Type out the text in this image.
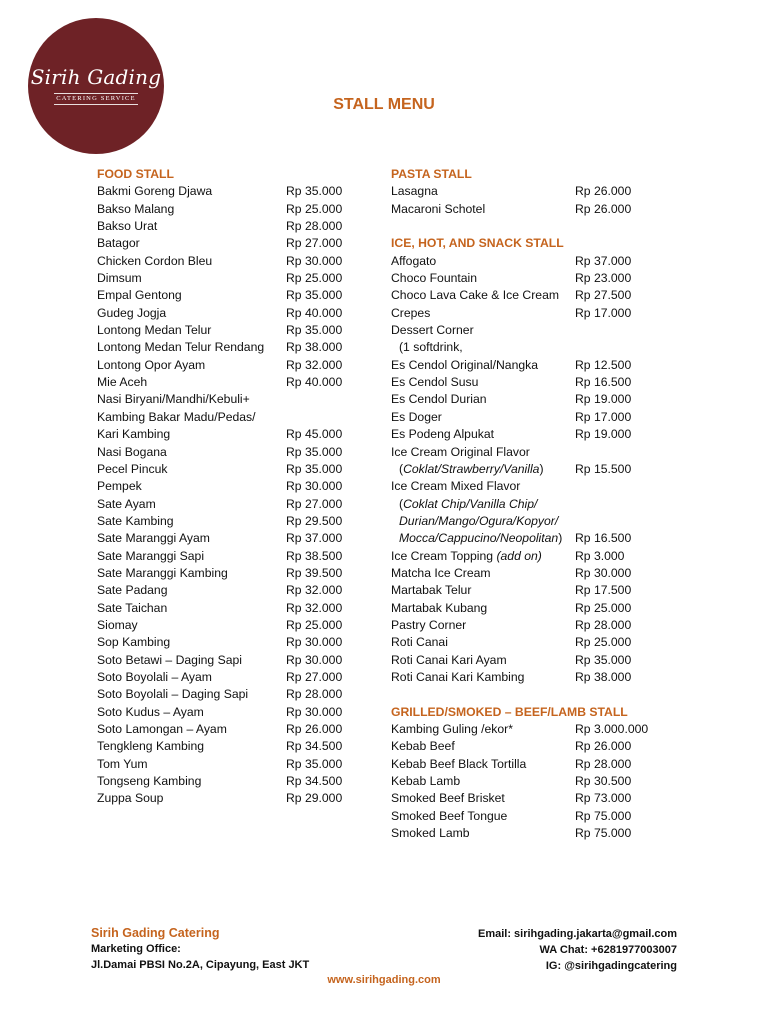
Sirih Gading
CATERING SERVICE	STALL MENU
FOOD STALL
Bakmi Goreng Djawa	Rp 35.000
Bakso Malang	Rp 25.000
Bakso Urat	Rp 28.000
Batagor	Rp 27.000
Chicken Cordon Bleu	Rp 30.000
Dimsum	Rp 25.000
Empal Gentong	Rp 35.000
Gudeg Jogja	Rp 40.000
Lontong Medan Telur	Rp 35.000
Lontong Medan Telur Rendang Rp 38.000
Lontong Opor Ayam	Rp 32.000
Mie Aceh	Rp 40.000
Nasi Biryani/Mandhi/Kebuli+
Kambing Bakar Madu/Pedas/
Kari Kambing	Rp 45.000
Nasi Bogana	Rp 35.000
Pecel Pincuk	Rp 35.000
Pempek	Rp 30.000
Sate Ayam	Rp 27.000
Sate Kambing	Rp 29.500
Sate Maranggi Ayam	Rp 37.000
Sate Maranggi Sapi	Rp 38.500
Sate Maranggi Kambing	Rp 39.500
Sate Padang	Rp 32.000
Sate Taichan	Rp 32.000
Siomay	Rp 25.000
Sop Kambing	Rp 30.000
Soto Betawi – Daging Sapi	Rp 30.000
Soto Boyolali – Ayam	Rp 27.000
Soto Boyolali – Daging Sapi	Rp 28.000
Soto Kudus – Ayam	Rp 30.000
Soto Lamongan – Ayam	Rp 26.000
Tengkleng Kambing	Rp 34.500
Tom Yum	Rp 35.000
Tongseng Kambing	Rp 34.500
Zuppa Soup	Rp 29.000
PASTA STALL
Lasagna	Rp 26.000
Macaroni Schotel	Rp 26.000
ICE, HOT, AND SNACK STALL
Affogato	Rp 37.000
Choco Fountain	Rp 23.000
Choco Lava Cake & Ice Cream Rp 27.500
Crepes	Rp 17.000
Dessert Corner
(1 softdrink,
Es Cendol Original/Nangka	Rp 12.500
Es Cendol Susu	Rp 16.500
Es Cendol Durian	Rp 19.000
Es Doger	Rp 17.000
Es Podeng Alpukat	Rp 19.000
Ice Cream Original Flavor
(Coklat/Strawberry/Vanilla)	Rp 15.500
Ice Cream Mixed Flavor
(Coklat Chip/Vanilla Chip/
Durian/Mango/Ogura/Kopyor/
Mocca/Cappucino/Neopolitan) Rp 16.500
Ice Cream Topping (add on)	Rp 3.000
Matcha Ice Cream	Rp 30.000
Martabak Telur	Rp 17.500
Martabak Kubang	Rp 25.000
Pastry Corner	Rp 28.000
Roti Canai	Rp 25.000
Roti Canai Kari Ayam	Rp 35.000
Roti Canai Kari Kambing	Rp 38.000
GRILLED/SMOKED – BEEF/LAMB STALL
Kambing Guling /ekor*	Rp 3.000.000
Kebab Beef	Rp 26.000
Kebab Beef Black Tortilla	Rp 28.000
Kebab Lamb	Rp 30.500
Smoked Beef Brisket	Rp 73.000
Smoked Beef Tongue	Rp 75.000
Smoked Lamb	Rp 75.000
Sirih Gading Catering
Marketing Office:
Jl.Damai PBSI No.2A, Cipayung, East JKT
Email: sirihgading.jakarta@gmail.com
WA Chat: +6281977003007
IG: @sirihgadingcatering
www.sirihgading.com
